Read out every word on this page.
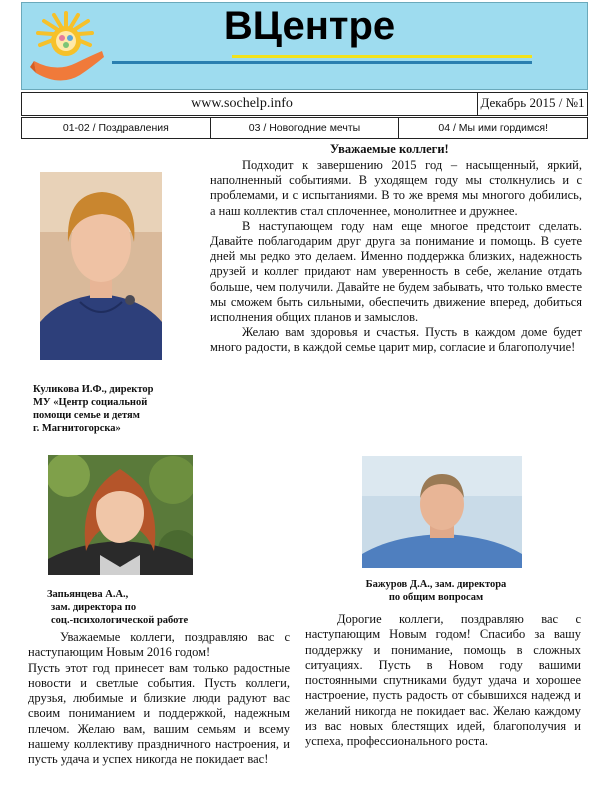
ВЦентре
www.sochelp.info	Декабрь 2015 / №1
01-02 / Поздравления	03 / Новогодние мечты	04 / Мы ими гордимся!
Куликова И.Ф., директор
МУ «Центр социальной
помощи семье и детям
г. Магнитогорска»
Уважаемые коллеги!

Подходит к завершению 2015 год – насыщенный, яркий, наполненный событиями. В уходящем году мы столкнулись и с проблемами, и с испытаниями. В то же время мы многого добились, а наш коллектив стал сплоченнее, монолитнее и дружнее.

В наступающем году нам еще многое предстоит сделать. Давайте поблагодарим друг друга за понимание и помощь. В суете дней мы редко это делаем. Именно поддержка близких, надежность друзей и коллег придают нам уверенность в себе, желание отдать больше, чем получили. Давайте не будем забывать, что только вместе мы сможем быть сильными, обеспечить движение вперед, добиться исполнения общих планов и замыслов.

Желаю вам здоровья и счастья. Пусть в каждом доме будет много радости, в каждой семье царит мир, согласие и благополучие!

Запьянцева А.А.,
зам. директора по
соц.-психологической работе

Уважаемые коллеги, поздравляю вас с наступающим Новым 2016 годом!

Пусть этот год принесет вам только радостные новости и светлые события. Пусть коллеги, друзья, любимые и близкие люди радуют вас своим пониманием и поддержкой, надежным плечом. Желаю вам, вашим семьям и всему нашему коллективу праздничного настроения, и пусть удача и успех никогда не покидает вас!

Бажуров Д.А., зам. директора
по общим вопросам

Дорогие коллеги, поздравляю вас с наступающим Новым годом! Спасибо за вашу поддержку и понимание, помощь в сложных ситуациях. Пусть в Новом году вашими постоянными спутниками будут удача и хорошее настроение, пусть радость от сбывшихся надежд и желаний никогда не покидает вас. Желаю каждому из вас новых блестящих идей, благополучия и успеха, профессионального роста.
